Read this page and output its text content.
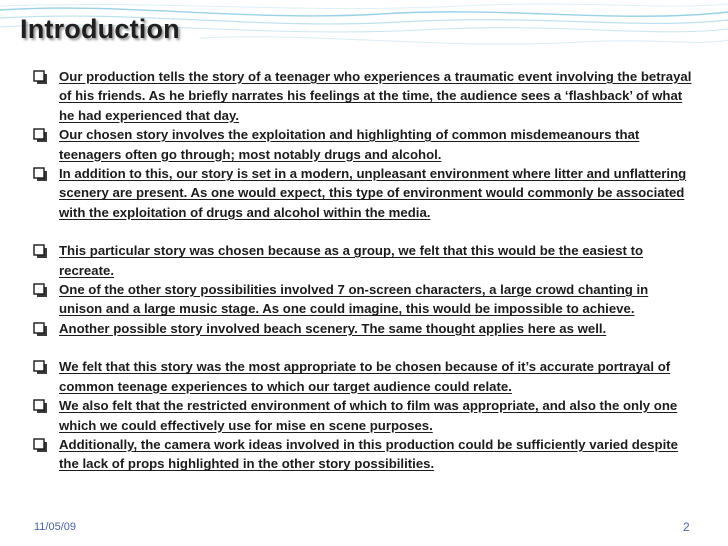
Introduction
Our production tells the story of a teenager who experiences a traumatic event involving the betrayal of his friends. As he briefly narrates his feelings at the time, the audience sees a ‘flashback’ of what he had experienced that day.
Our chosen story involves the exploitation and highlighting of common misdemeanours that teenagers often go through; most notably drugs and alcohol.
In addition to this, our story is set in a modern, unpleasant environment where litter and unflattering scenery are present. As one would expect, this type of environment would commonly be associated with the exploitation of drugs and alcohol within the media.
This particular story was chosen because as a group, we felt that this would be the easiest to recreate.
One of the other story possibilities involved 7 on-screen characters, a large crowd chanting in unison and a large music stage. As one could imagine, this would be impossible to achieve.
Another possible story involved beach scenery. The same thought applies here as well.
We felt that this story was the most appropriate to be chosen because of it’s accurate portrayal of common teenage experiences to which our target audience could relate.
We also felt that the restricted environment of which to film was appropriate, and also the only one which we could effectively use for mise en scene purposes.
Additionally, the camera work ideas involved in this production could be sufficiently varied despite the lack of props highlighted in the other story possibilities.
11/05/09	2
